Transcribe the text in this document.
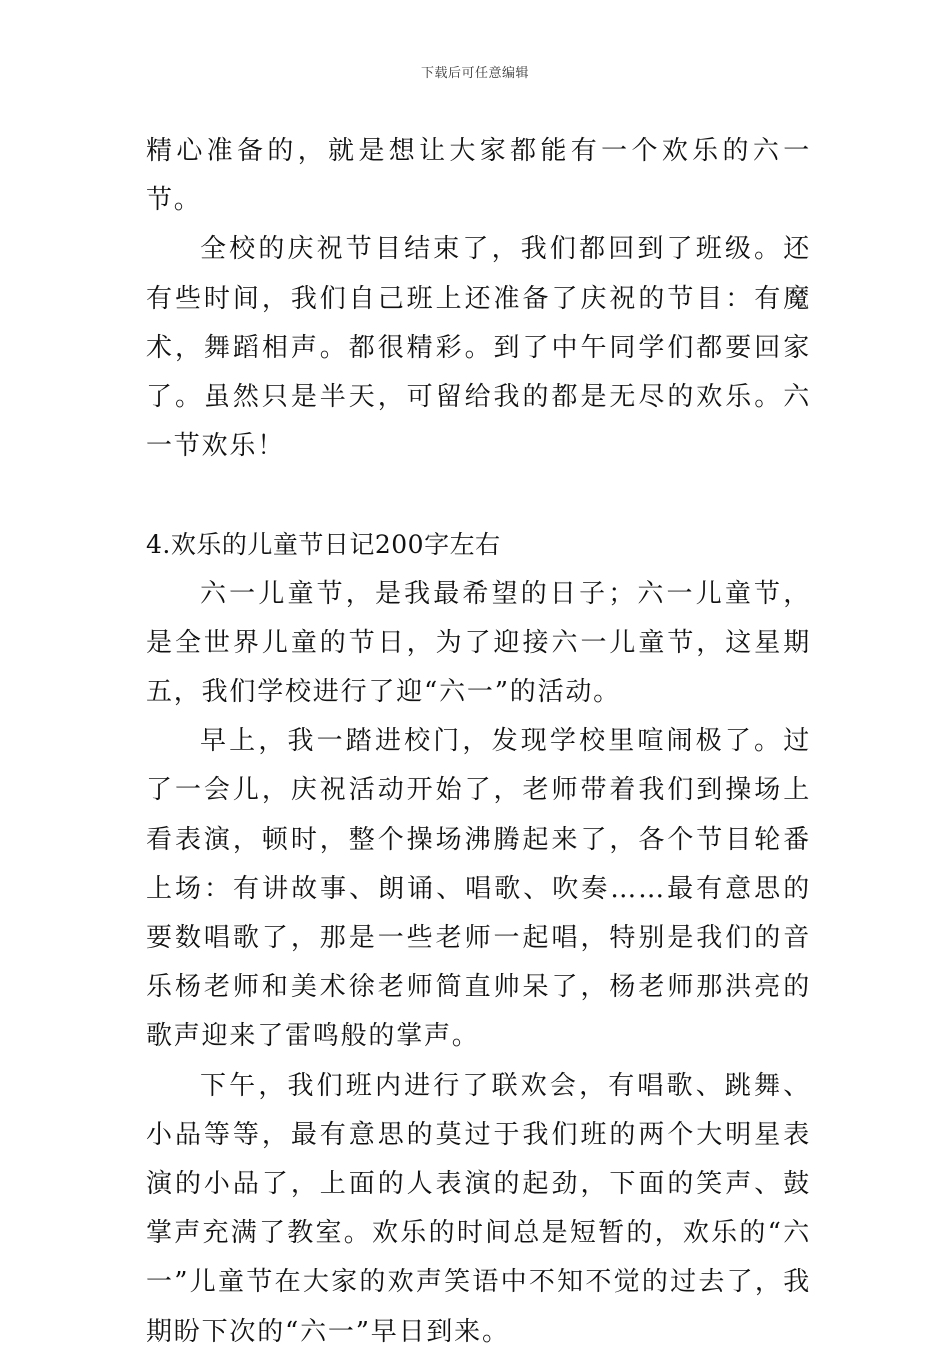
下载后可任意编辑

精心准备的，就是想让大家都能有一个欢乐的六一节。

全校的庆祝节目结束了，我们都回到了班级。还有些时间，我们自己班上还准备了庆祝的节目：有魔术，舞蹈相声。都很精彩。到了中午同学们都要回家了。虽然只是半天，可留给我的都是无尽的欢乐。六一节欢乐！

4.欢乐的儿童节日记200字左右

六一儿童节，是我最希望的日子；六一儿童节，是全世界儿童的节日，为了迎接六一儿童节，这星期五，我们学校进行了迎“六一”的活动。

早上，我一踏进校门，发现学校里喧闹极了。过了一会儿，庆祝活动开始了，老师带着我们到操场上看表演，顿时，整个操场沸腾起来了，各个节目轮番上场：有讲故事、朗诵、唱歌、吹奏……最有意思的要数唱歌了，那是一些老师一起唱，特别是我们的音乐杨老师和美术徐老师简直帅呆了，杨老师那洪亮的歌声迎来了雷鸣般的掌声。

下午，我们班内进行了联欢会，有唱歌、跳舞、小品等等，最有意思的莫过于我们班的两个大明星表演的小品了，上面的人表演的起劲，下面的笑声、鼓掌声充满了教室。欢乐的时间总是短暂的，欢乐的“六一”儿童节在大家的欢声笑语中不知不觉的过去了，我期盼下次的“六一”早日到来。
